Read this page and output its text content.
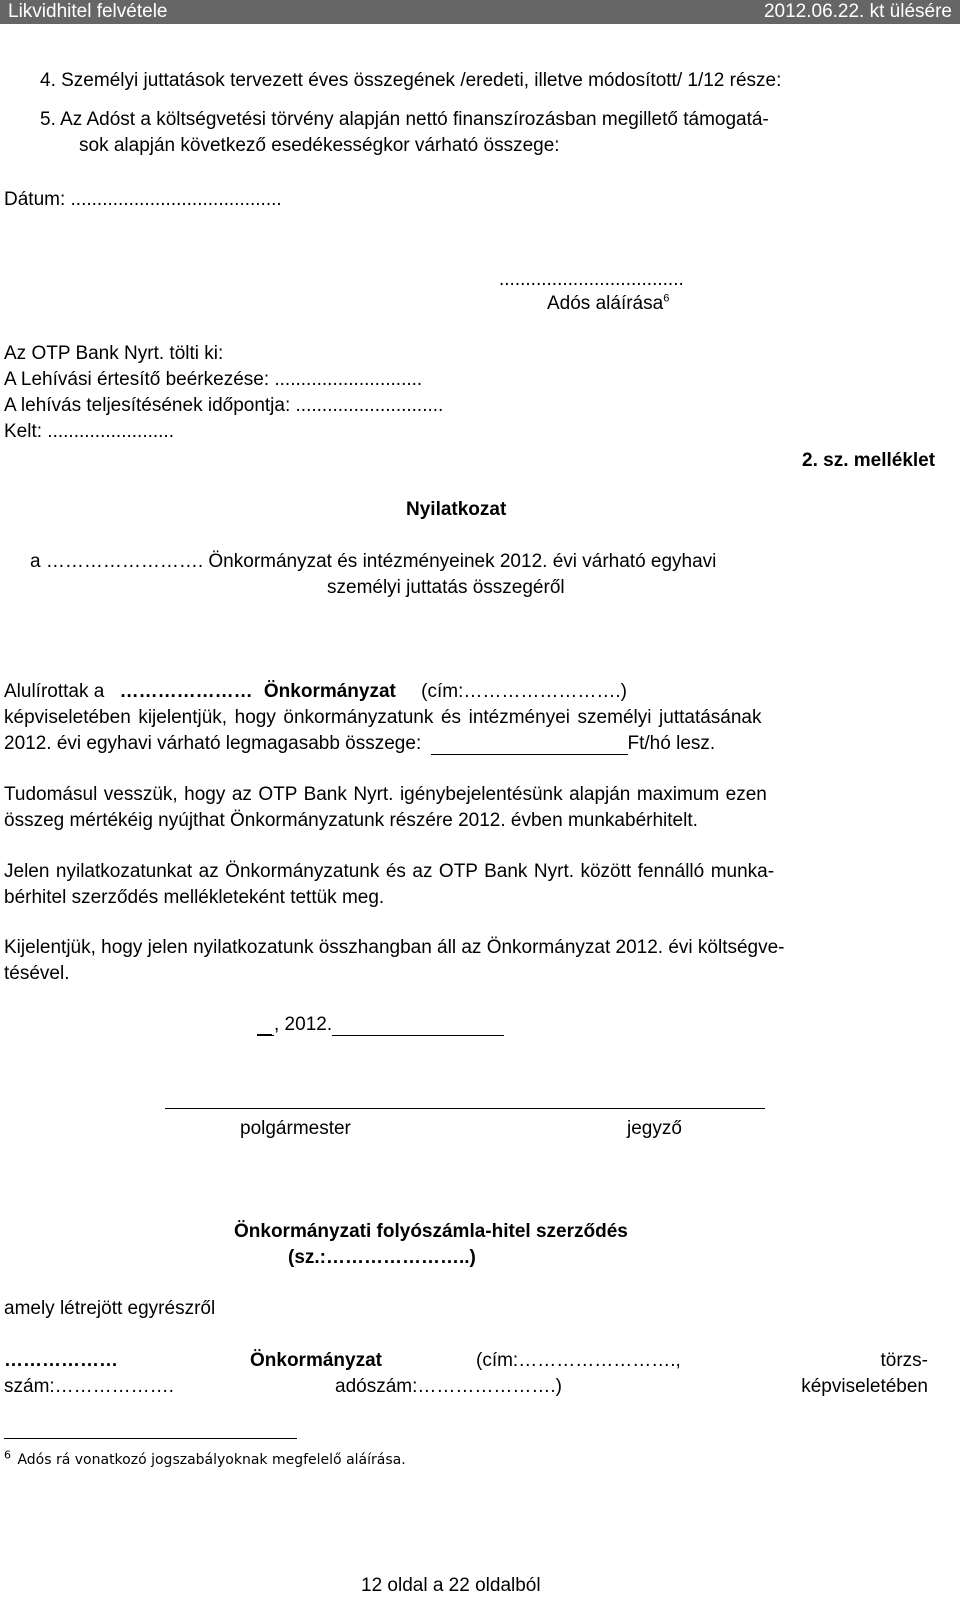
Likvidhitel felvétele	2012.06.22. kt ülésére
4. Személyi juttatások tervezett éves összegének /eredeti, illetve módosított/ 1/12 része:
5. Az Adóst a költségvetési törvény alapján nettó finanszírozásban megillető támogatá-
sok alapján következő esedékességkor várható összege:
Dátum: ........................................
...................................
Adós aláírása$^6$
Az OTP Bank Nyrt. tölti ki:
A Lehívási értesítő beérkezése: ............................
A lehívás teljesítésének időpontja: ............................
Kelt: ........................
2. sz. melléklet
Nyilatkozat
a ……………………. Önkormányzat és intézményeinek 2012. évi várható egyhavi
személyi juttatás összegéről
Alulírottak a ………………… Önkormányzat (cím:…………………….)
képviseletében kijelentjük, hogy önkormányzatunk és intézményei személyi juttatásának
2012. évi egyhavi várható legmagasabb összege:	Ft/hó lesz.
Tudomásul vesszük, hogy az OTP Bank Nyrt. igénybejelentésünk alapján maximum ezen
összeg mértékéig nyújthat Önkormányzatunk részére 2012. évben munkabérhitelt.
Jelen nyilatkozatunkat az Önkormányzatunk és az OTP Bank Nyrt. között fennálló munka-
bérhitel szerződés mellékleteként tettük meg.
Kijelentjük, hogy jelen nyilatkozatunk összhangban áll az Önkormányzat 2012. évi költségve-
tésével.
, 2012.
polgármester	jegyző
Önkormányzati folyószámla-hitel szerződés
(sz.:…………………..)
amely létrejött egyrészről
………………	Önkormányzat	(cím:…………………….,	törzs-
szám:……………….	adószám:………………….)	képviseletében
$^6$ Adós rá vonatkozó jogszabályoknak megfelelő aláírása.
12 oldal a 22 oldalból
